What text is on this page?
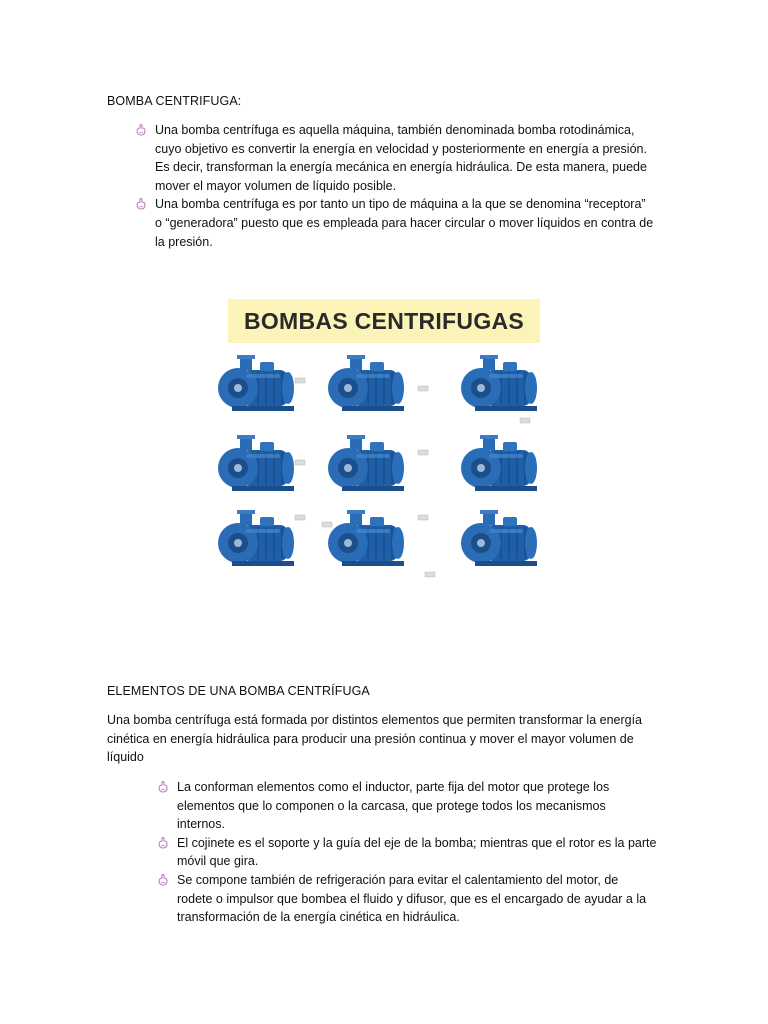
BOMBA CENTRIFUGA:
Una bomba centrífuga es aquella máquina, también denominada bomba rotodinámica,
cuyo objetivo es convertir la energía en velocidad y posteriormente en energía a presión.
Es decir, transforman la energía mecánica en energía hidráulica. De esta manera, puede
mover el mayor volumen de líquido posible.
Una bomba centrífuga es por tanto un tipo de máquina a la que se denomina “receptora”
o “generadora” puesto que es empleada para hacer circular o mover líquidos en contra de
la presión.
BOMBAS CENTRIFUGAS
ELEMENTOS DE UNA BOMBA CENTRÍFUGA
Una bomba centrífuga está formada por distintos elementos que permiten transformar la energía
cinética en energía hidráulica para producir una presión continua y mover el mayor volumen de
líquido
La conforman elementos como el inductor, parte fija del motor que protege los
elementos que lo componen o la carcasa, que protege todos los mecanismos
internos.
El cojinete es el soporte y la guía del eje de la bomba; mientras que el rotor es la parte
móvil que gira.
Se compone también de refrigeración para evitar el calentamiento del motor, de
rodete o impulsor que bombea el fluido y difusor, que es el encargado de ayudar a la
transformación de la energía cinética en hidráulica.
